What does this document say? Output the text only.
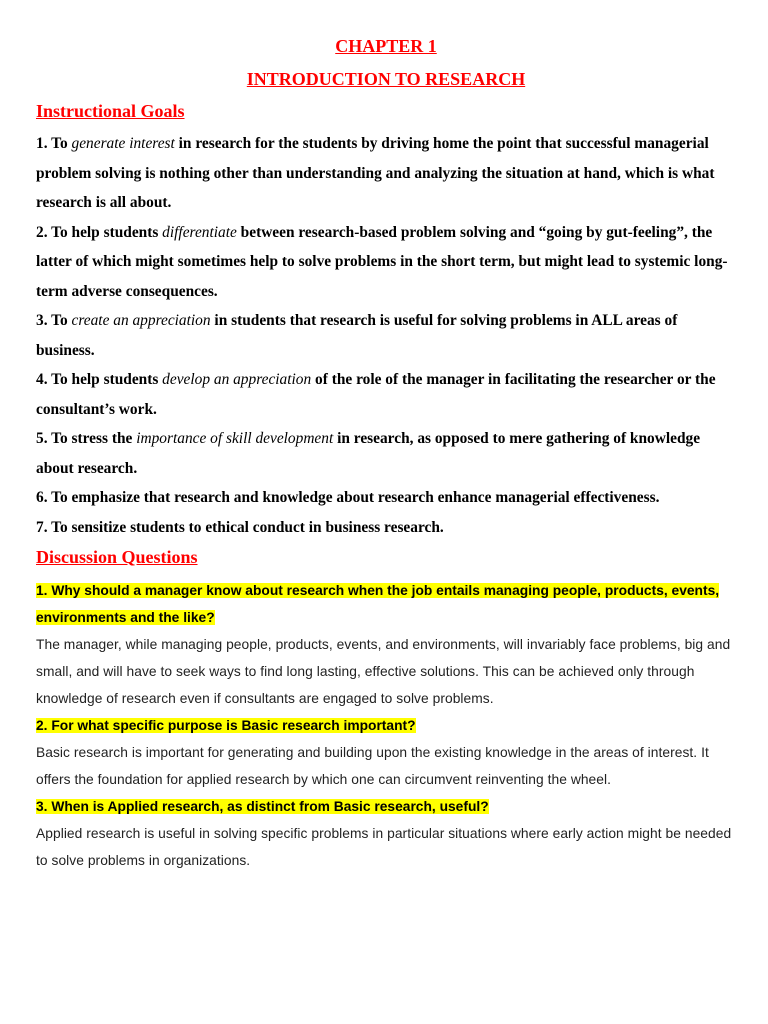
CHAPTER 1
INTRODUCTION TO RESEARCH
Instructional Goals

1. To generate interest in research for the students by driving home the point that successful managerial problem solving is nothing other than understanding and analyzing the situation at hand, which is what research is all about.

2. To help students differentiate between research-based problem solving and “going by gut-feeling”, the latter of which might sometimes help to solve problems in the short term, but might lead to systemic long-term adverse consequences.

3. To create an appreciation in students that research is useful for solving problems in ALL areas of business.

4. To help students develop an appreciation of the role of the manager in facilitating the researcher or the consultant’s work.

5. To stress the importance of skill development in research, as opposed to mere gathering of knowledge about research.

6. To emphasize that research and knowledge about research enhance managerial effectiveness.

7. To sensitize students to ethical conduct in business research.

Discussion Questions

1. Why should a manager know about research when the job entails managing people, products, events, environments and the like?

The manager, while managing people, products, events, and environments, will invariably face problems, big and small, and will have to seek ways to find long lasting, effective solutions. This can be achieved only through knowledge of research even if consultants are engaged to solve problems.

2. For what specific purpose is Basic research important?

Basic research is important for generating and building upon the existing knowledge in the areas of interest. It offers the foundation for applied research by which one can circumvent reinventing the wheel.

3. When is Applied research, as distinct from Basic research, useful?

Applied research is useful in solving specific problems in particular situations where early action might be needed to solve problems in organizations.
